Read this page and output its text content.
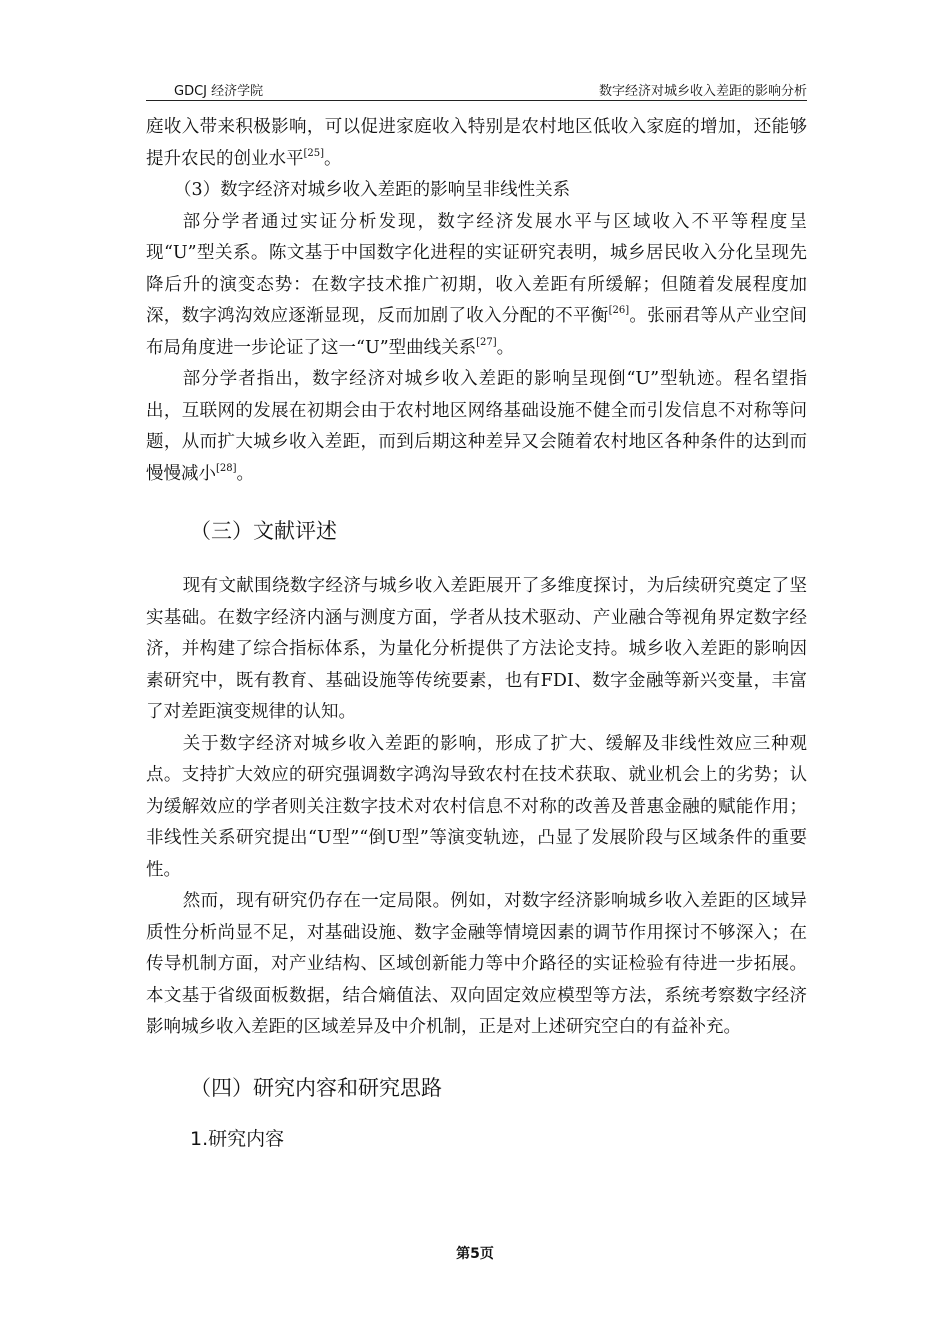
GDCJ 经济学院	数字经济对城乡收入差距的影响分析

庭收入带来积极影响，可以促进家庭收入特别是农村地区低收入家庭的增加，还能够提升农民的创业水平[25]。

（3）数字经济对城乡收入差距的影响呈非线性关系

部分学者通过实证分析发现，数字经济发展水平与区域收入不平等程度呈现“U”型关系。陈文基于中国数字化进程的实证研究表明，城乡居民收入分化呈现先降后升的演变态势：在数字技术推广初期，收入差距有所缓解；但随着发展程度加深，数字鸿沟效应逐渐显现，反而加剧了收入分配的不平衡[26]。张丽君等从产业空间布局角度进一步论证了这一“U”型曲线关系[27]。

部分学者指出，数字经济对城乡收入差距的影响呈现倒“U”型轨迹。程名望指出，互联网的发展在初期会由于农村地区网络基础设施不健全而引发信息不对称等问题，从而扩大城乡收入差距，而到后期这种差异又会随着农村地区各种条件的达到而慢慢减小[28]。

（三）文献评述

现有文献围绕数字经济与城乡收入差距展开了多维度探讨，为后续研究奠定了坚实基础。在数字经济内涵与测度方面，学者从技术驱动、产业融合等视角界定数字经济，并构建了综合指标体系，为量化分析提供了方法论支持。城乡收入差距的影响因素研究中，既有教育、基础设施等传统要素，也有FDI、数字金融等新兴变量，丰富了对差距演变规律的认知。

关于数字经济对城乡收入差距的影响，形成了扩大、缓解及非线性效应三种观点。支持扩大效应的研究强调数字鸿沟导致农村在技术获取、就业机会上的劣势；认为缓解效应的学者则关注数字技术对农村信息不对称的改善及普惠金融的赋能作用；非线性关系研究提出“U型”“倒U型”等演变轨迹，凸显了发展阶段与区域条件的重要性。

然而，现有研究仍存在一定局限。例如，对数字经济影响城乡收入差距的区域异质性分析尚显不足，对基础设施、数字金融等情境因素的调节作用探讨不够深入；在传导机制方面，对产业结构、区域创新能力等中介路径的实证检验有待进一步拓展。本文基于省级面板数据，结合熵值法、双向固定效应模型等方法，系统考察数字经济影响城乡收入差距的区域差异及中介机制，正是对上述研究空白的有益补充。

（四）研究内容和研究思路
1.研究内容
第5页
